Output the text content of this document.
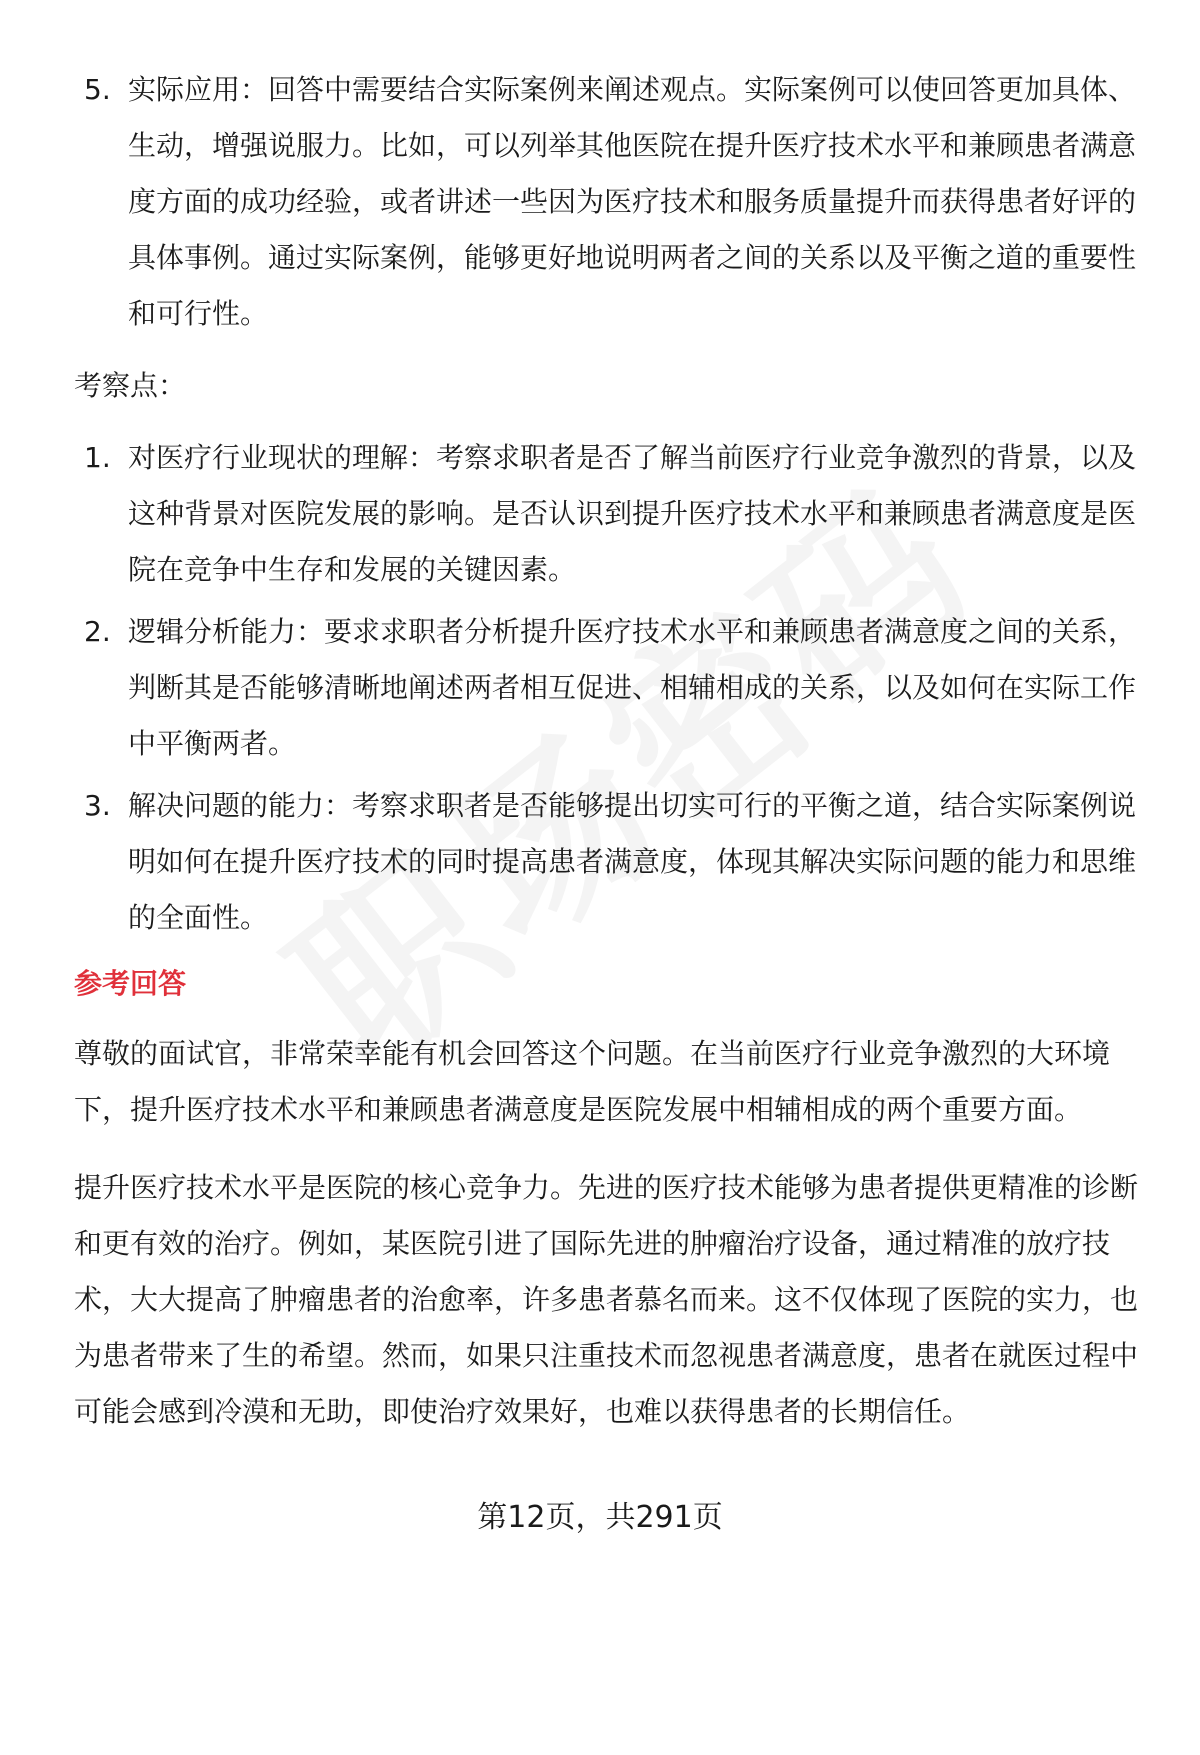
5. 实际应用：回答中需要结合实际案例来阐述观点。实际案例可以使回答更加具体、生动，增强说服力。比如，可以列举其他医院在提升医疗技术水平和兼顾患者满意度方面的成功经验，或者讲述一些因为医疗技术和服务质量提升而获得患者好评的具体事例。通过实际案例，能够更好地说明两者之间的关系以及平衡之道的重要性和可行性。
考察点：
1. 对医疗行业现状的理解：考察求职者是否了解当前医疗行业竞争激烈的背景，以及这种背景对医院发展的影响。是否认识到提升医疗技术水平和兼顾患者满意度是医院在竞争中生存和发展的关键因素。
2. 逻辑分析能力：要求求职者分析提升医疗技术水平和兼顾患者满意度之间的关系，判断其是否能够清晰地阐述两者相互促进、相辅相成的关系，以及如何在实际工作中平衡两者。
3. 解决问题的能力：考察求职者是否能够提出切实可行的平衡之道，结合实际案例说明如何在提升医疗技术的同时提高患者满意度，体现其解决实际问题的能力和思维的全面性。
参考回答

尊敬的面试官，非常荣幸能有机会回答这个问题。在当前医疗行业竞争激烈的大环境下，提升医疗技术水平和兼顾患者满意度是医院发展中相辅相成的两个重要方面。

提升医疗技术水平是医院的核心竞争力。先进的医疗技术能够为患者提供更精准的诊断和更有效的治疗。例如，某医院引进了国际先进的肿瘤治疗设备，通过精准的放疗技术，大大提高了肿瘤患者的治愈率，许多患者慕名而来。这不仅体现了医院的实力，也为患者带来了生的希望。然而，如果只注重技术而忽视患者满意度，患者在就医过程中可能会感到冷漠和无助，即使治疗效果好，也难以获得患者的长期信任。

第12页，共291页
